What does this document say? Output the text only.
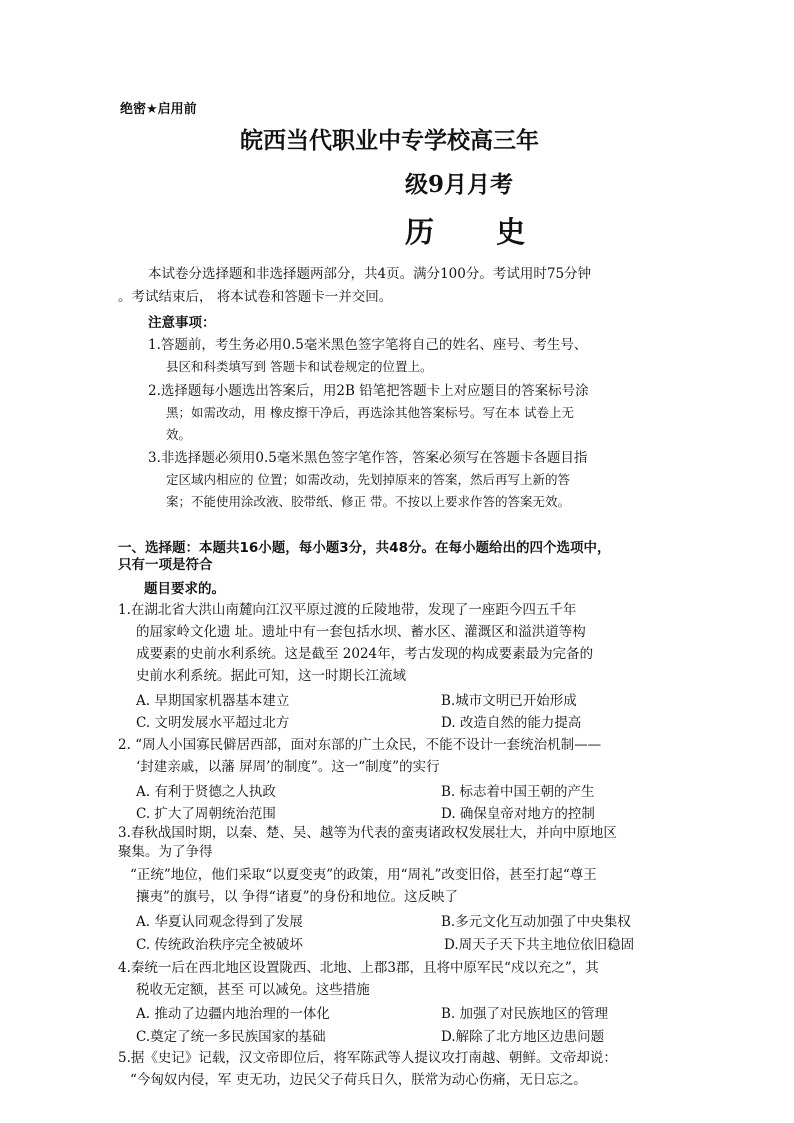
绝密★启用前
皖西当代职业中专学校高三年
级9月月考
历 史
本试卷分选择题和非选择题两部分，共4页。满分100分。考试用时75分钟
。考试结束后， 将本试卷和答题卡一并交回。
注意事项：
1.答题前，考生务必用0.5毫米黑色签字笔将自己的姓名、座号、考生号、
县区和科类填写到 答题卡和试卷规定的位置上。
2.选择题每小题选出答案后，用2B 铅笔把答题卡上对应题目的答案标号涂
黑；如需改动，用 橡皮擦干净后，再选涂其他答案标号。写在本 试卷上无
效。
3.非选择题必须用0.5毫米黑色签字笔作答，答案必须写在答题卡各题目指
定区域内相应的 位置；如需改动，先划掉原来的答案，然后再写上新的答
案；不能使用涂改液、胶带纸、修正 带。不按以上要求作答的答案无效。
一、选择题：本题共16小题，每小题3分，共48分。在每小题给出的四个选项中，
只有一项是符合
题目要求的。
1.在湖北省大洪山南麓向江汉平原过渡的丘陵地带，发现了一座距今四五千年
的屈家岭文化遗 址。遗址中有一套包括水坝、蓄水区、灌溉区和溢洪道等构
成要素的史前水利系统。这是截至 2024年，考古发现的构成要素最为完备的
史前水利系统。据此可知，这一时期长江流域
A. 早期国家机器基本建立	B.城市文明已开始形成
C. 文明发展水平超过北方	D. 改造自然的能力提高
2. “周人小国寡民僻居西部，面对东部的广土众民，不能不设计一套统治机制——
‘封建亲戚，以藩 屏周’的制度”。这一“制度”的实行
A. 有利于贤德之人执政	B. 标志着中国王朝的产生
C. 扩大了周朝统治范围	D. 确保皇帝对地方的控制
3.春秋战国时期，以秦、楚、吴、越等为代表的蛮夷诸政权发展壮大，并向中原地区
聚集。为了争得
“正统”地位，他们采取“以夏变夷”的政策，用“周礼”改变旧俗，甚至打起“尊王
攘夷”的旗号，以 争得“诸夏”的身份和地位。这反映了
A. 华夏认同观念得到了发展	B.多元文化互动加强了中央集权
C. 传统政治秩序完全被破坏	D.周天子天下共主地位依旧稳固
4.秦统一后在西北地区设置陇西、北地、上郡3郡，且将中原军民“戍以充之”，其
税收无定额，甚至 可以减免。这些措施
A. 推动了边疆内地治理的一体化	B. 加强了对民族地区的管理
C.奠定了统一多民族国家的基础	D.解除了北方地区边患问题
5.据《史记》记载，汉文帝即位后，将军陈武等人提议攻打南越、朝鲜。文帝却说：
“今匈奴内侵，军 吏无功，边民父子荷兵日久，朕常为动心伤痛，无日忘之。
